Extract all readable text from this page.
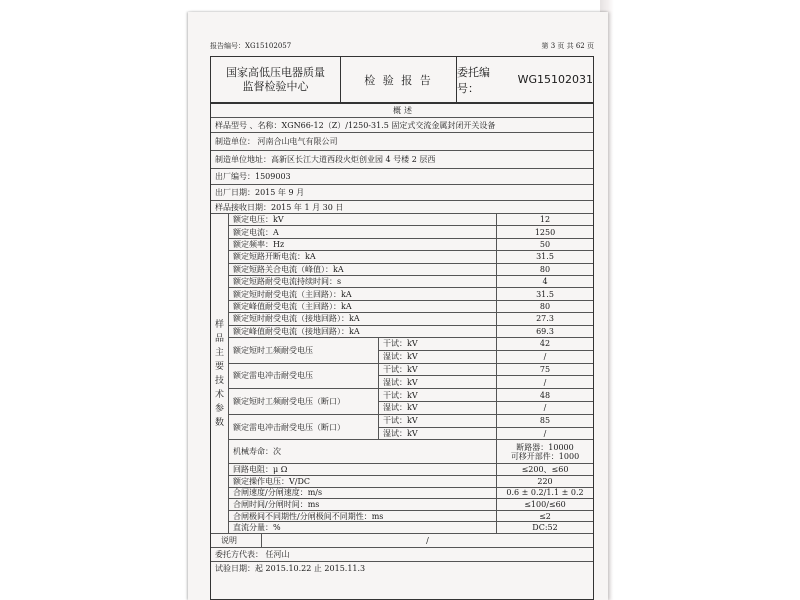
报告编号：XG15102057	第 3 页 共 62 页
国家高低压电器质量
监督检验中心	检 验 报 告
委托编号：
WG15102031
概述
样品型号 、名称：XGN66-12（Z）/1250-31.5 固定式交流金属封闭开关设备
制造单位： 河南合山电气有限公司
制造单位地址：高新区长江大道西段火炬创业园 4 号楼 2 层西
出厂编号：1509003
出厂日期：2015 年 9 月
样品接收日期：2015 年 1 月 30 日
样
品
主
要
技
术
参
数
额定电压：kV	12
额定电流：A	1250
额定频率：Hz	50
额定短路开断电流：kA	31.5
额定短路关合电流（峰值）：kA	80
额定短路耐受电流持续时间：s	4
额定短时耐受电流（主回路）：kA	31.5
额定峰值耐受电流（主回路）：kA	80
额定短时耐受电流（接地回路）：kA	27.3
额定峰值耐受电流（接地回路）：kA	69.3
额定短时工频耐受电压
干试：kV	42
湿试：kV	/
额定雷电冲击耐受电压
干试：kV	75
湿试：kV	/
额定短时工频耐受电压（断口）
干试：kV	48
湿试：kV	/
额定雷电冲击耐受电压（断口）
干试：kV	85
湿试：kV	/
机械寿命：次	断路器：10000
可移开部件：1000
回路电阻：μ Ω	≤200、≤60
额定操作电压：V/DC	220
合闸速度/分闸速度：m/s	0.6 ± 0.2/1.1 ± 0.2
合闸时间/分闸时间：ms	≤100/≤60
合闸极间不同期性/分闸极间不同期性：ms	≤2
直流分量：%	DC:52
说明	/
委托方代表： 任河山
试验日期：起 2015.10.22 止 2015.11.3
